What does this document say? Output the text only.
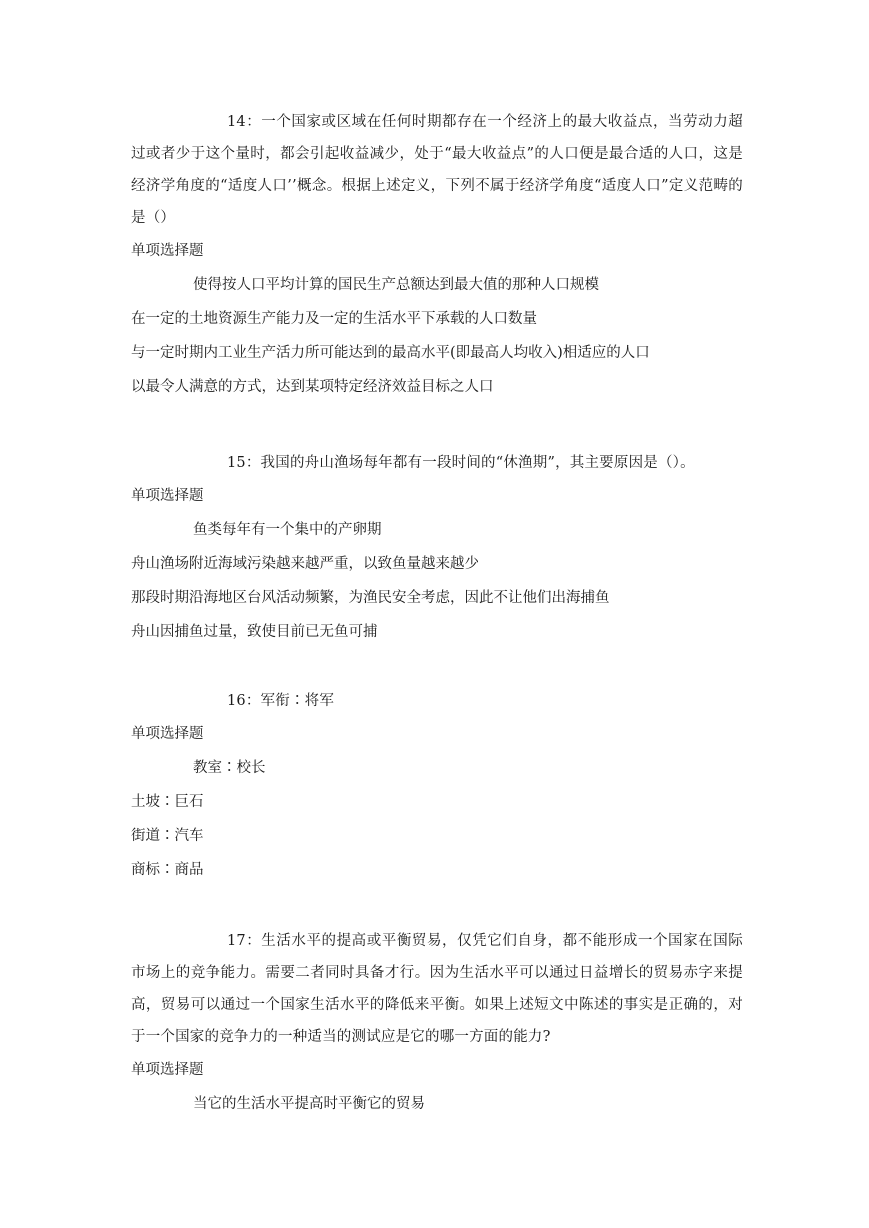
14：一个国家或区域在任何时期都存在一个经济上的最大收益点，当劳动力超过或者少于这个量时，都会引起收益减少，处于“最大收益点”的人口便是最合适的人口，这是经济学角度的“适度人口’’概念。根据上述定义，下列不属于经济学角度“适度人口”定义范畴的是（）

单项选择题

使得按人口平均计算的国民生产总额达到最大值的那种人口规模

在一定的土地资源生产能力及一定的生活水平下承载的人口数量

与一定时期内工业生产活力所可能达到的最高水平(即最高人均收入)相适应的人口

以最令人满意的方式，达到某项特定经济效益目标之人口

15：我国的舟山渔场每年都有一段时间的“休渔期”，其主要原因是（）。

单项选择题

鱼类每年有一个集中的产卵期

舟山渔场附近海域污染越来越严重，以致鱼量越来越少

那段时期沿海地区台风活动频繁，为渔民安全考虑，因此不让他们出海捕鱼

舟山因捕鱼过量，致使目前已无鱼可捕

16：军衔∶将军

单项选择题

教室∶校长

土坡∶巨石

街道∶汽车

商标∶商品

17：生活水平的提高或平衡贸易，仅凭它们自身，都不能形成一个国家在国际市场上的竞争能力。需要二者同时具备才行。因为生活水平可以通过日益增长的贸易赤字来提高，贸易可以通过一个国家生活水平的降低来平衡。如果上述短文中陈述的事实是正确的，对于一个国家的竞争力的一种适当的测试应是它的哪一方面的能力?

单项选择题

当它的生活水平提高时平衡它的贸易
